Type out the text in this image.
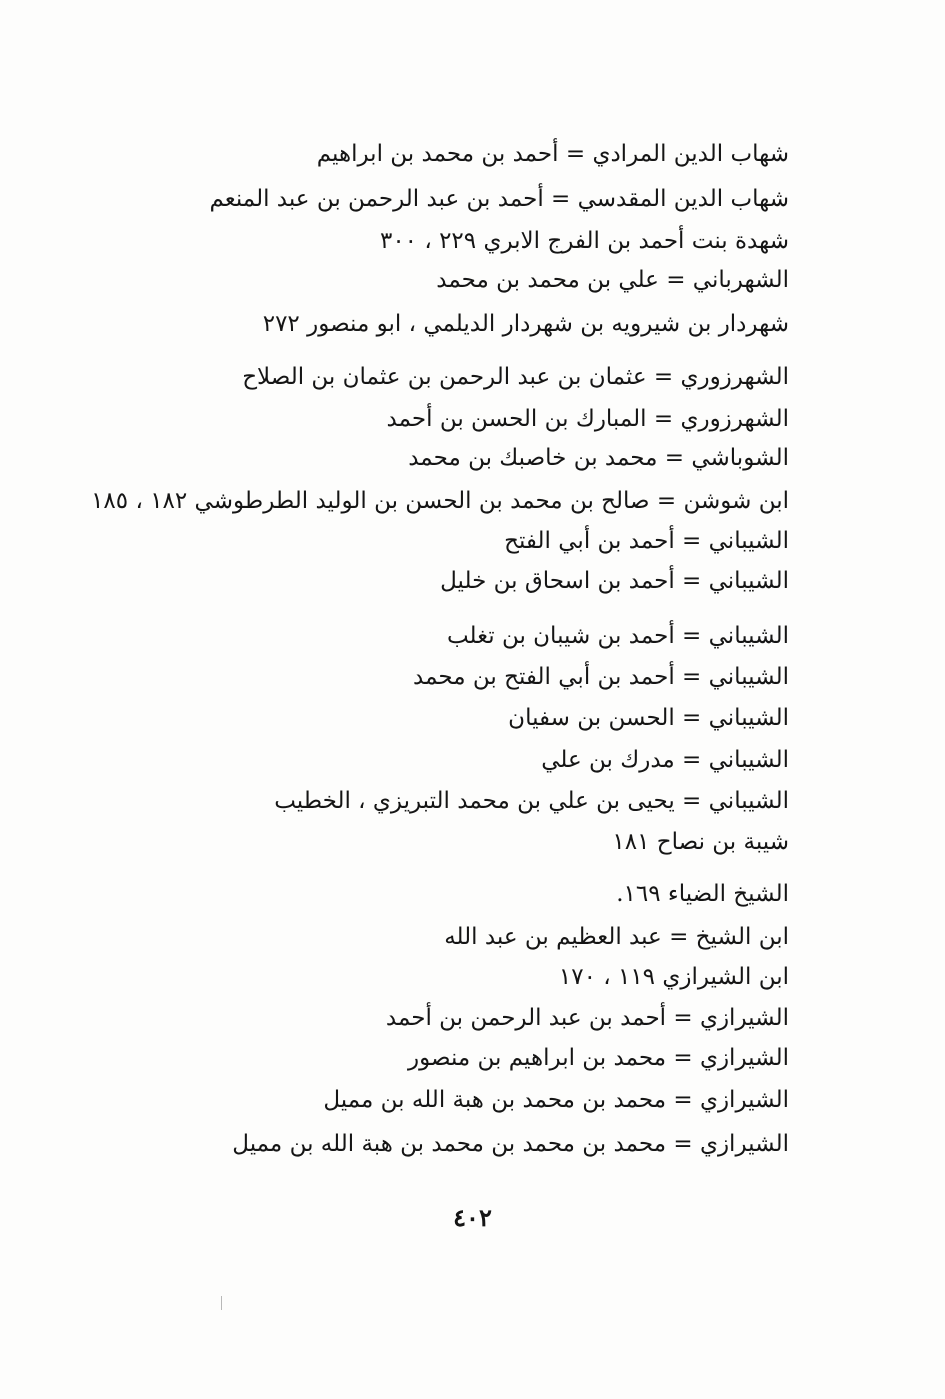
شهاب الدين المرادي = أحمد بن محمد بن ابراهيم
شهاب الدين المقدسي = أحمد بن عبد الرحمن بن عبد المنعم
شهدة بنت أحمد بن الفرج الابري ٢٢٩ ، ٣٠٠
الشهرباني = علي بن محمد بن محمد
شهردار بن شيرويه بن شهردار الديلمي ، ابو منصور ٢٧٢
الشهرزوري = عثمان بن عبد الرحمن بن عثمان بن الصلاح
الشهرزوري = المبارك بن الحسن بن أحمد
الشوباشي = محمد بن خاصبك بن محمد
ابن شوشن = صالح بن محمد بن الحسن بن الوليد الطرطوشي ١٨٢ ، ١٨٥
الشيباني = أحمد بن أبي الفتح
الشيباني = أحمد بن اسحاق بن خليل
الشيباني = أحمد بن شيبان بن تغلب
الشيباني = أحمد بن أبي الفتح بن محمد
الشيباني = الحسن بن سفيان
الشيباني = مدرك بن علي
الشيباني = يحيى بن علي بن محمد التبريزي ، الخطيب
شيبة بن نصاح ١٨١
الشيخ الضياء ١٦٩.
ابن الشيخ = عبد العظيم بن عبد الله
ابن الشيرازي ١١٩ ، ١٧٠
الشيرازي = أحمد بن عبد الرحمن بن أحمد
الشيرازي = محمد بن ابراهيم بن منصور
الشيرازي = محمد بن محمد بن هبة الله بن مميل
الشيرازي = محمد بن محمد بن محمد بن هبة الله بن مميل
٤٠٢
